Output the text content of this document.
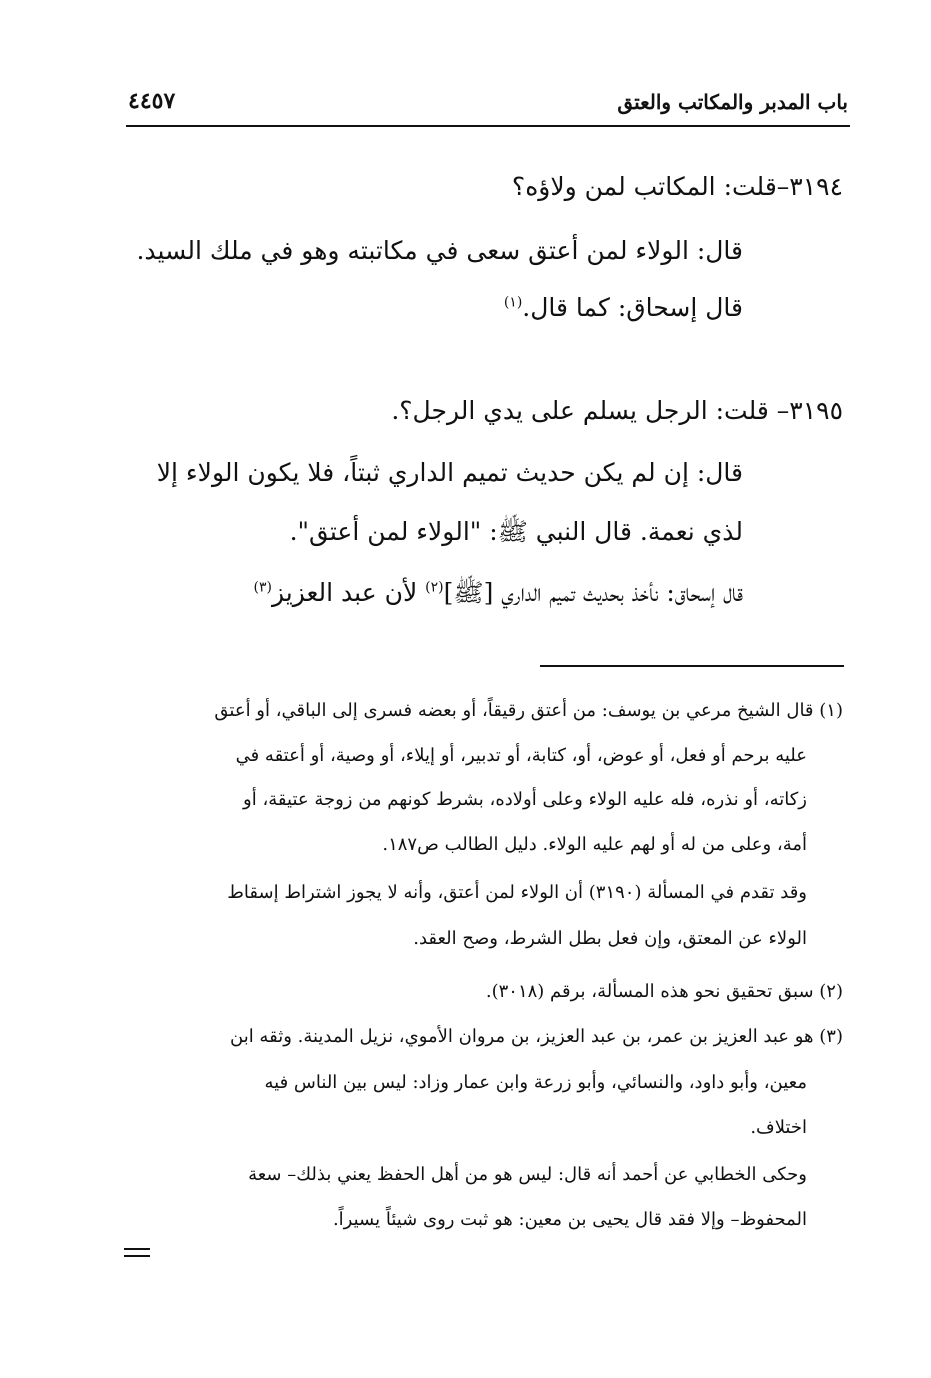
باب المدبر والمكاتب والعتق
٤٤٥٧
٣١٩٤–قلت: المكاتب لمن ولاؤه؟
قال: الولاء لمن أعتق سعى في مكاتبته وهو في ملك السيد.
قال إسحاق: كما قال.$^{(١)}$
٣١٩٥– قلت: الرجل يسلم على يدي الرجل؟.
قال: إن لم يكن حديث تميم الداري ثبتاً، فلا يكون الولاء إلا
لذي نعمة. قال النبي ﷺ: "الولاء لمن أعتق".
قال إسحاق: نأخذ بحديث تميم الداري [ﷺ]$^{(٢)}$ لأن عبد العزيز$^{(٣)}$
(١) قال الشيخ مرعي بن يوسف: من أعتق رقيقاً، أو بعضه فسرى إلى الباقي، أو أعتق
عليه برحم أو فعل، أو عوض، أو، كتابة، أو تدبير، أو إيلاء، أو وصية، أو أعتقه في
زكاته، أو نذره، فله عليه الولاء وعلى أولاده، بشرط كونهم من زوجة عتيقة، أو
أمة، وعلى من له أو لهم عليه الولاء. دليل الطالب ص١٨٧.
وقد تقدم في المسألة (٣١٩٠) أن الولاء لمن أعتق، وأنه لا يجوز اشتراط إسقاط
الولاء عن المعتق، وإن فعل بطل الشرط، وصح العقد.
(٢) سبق تحقيق نحو هذه المسألة، برقم (٣٠١٨).
(٣) هو عبد العزيز بن عمر، بن عبد العزيز، بن مروان الأموي، نزيل المدينة. وثقه ابن
معين، وأبو داود، والنسائي، وأبو زرعة وابن عمار وزاد: ليس بين الناس فيه
اختلاف.
وحكى الخطابي عن أحمد أنه قال: ليس هو من أهل الحفظ يعني بذلك– سعة
المحفوظ– وإلا فقد قال يحيى بن معين: هو ثبت روى شيئاً يسيراً.
